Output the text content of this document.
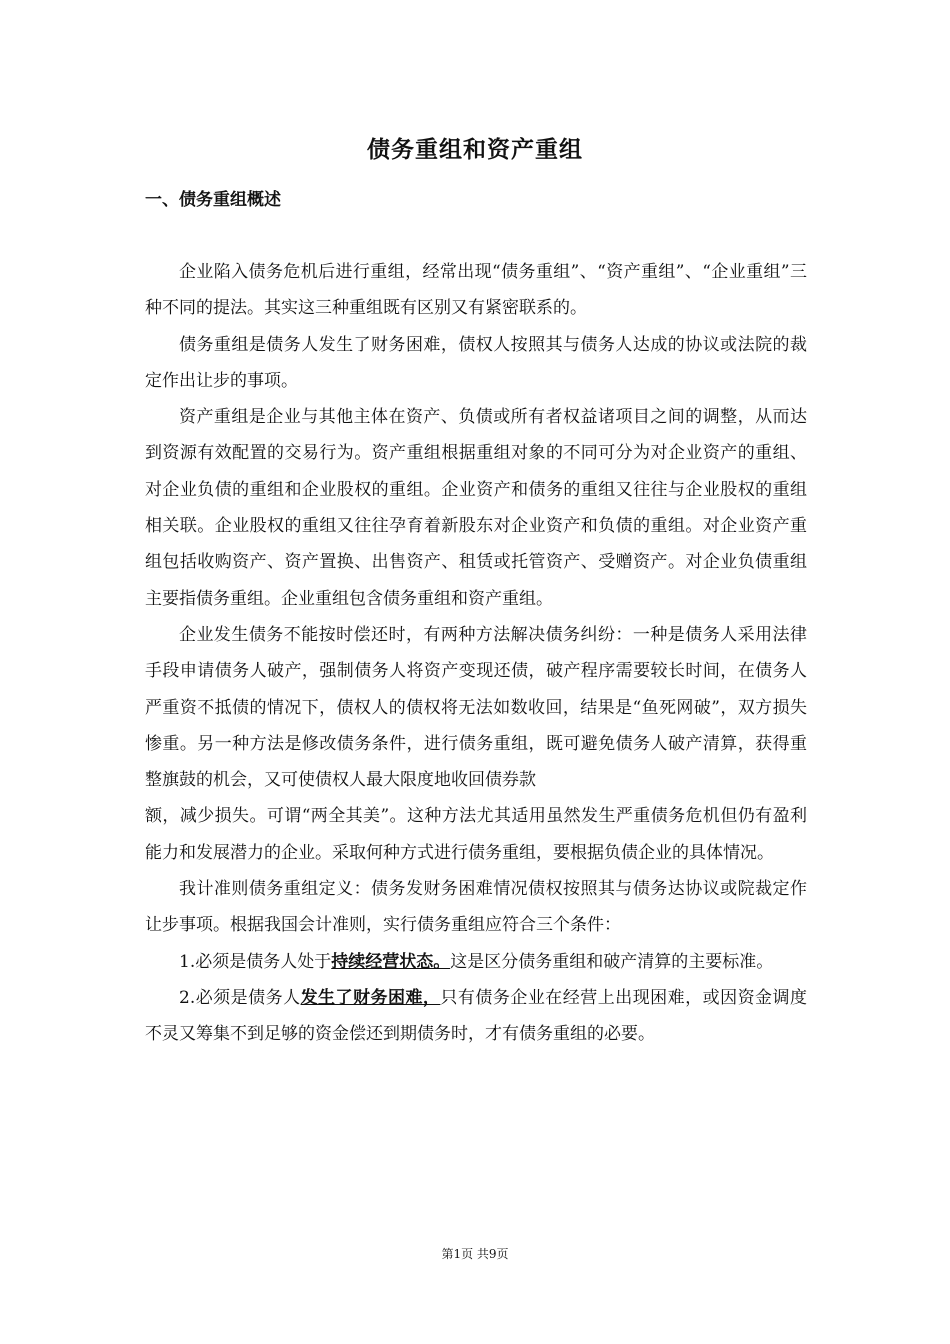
债务重组和资产重组
一、债务重组概述

企业陷入债务危机后进行重组，经常出现“债务重组”、“资产重组”、“企业重组”三种不同的提法。其实这三种重组既有区别又有紧密联系的。

债务重组是债务人发生了财务困难，债权人按照其与债务人达成的协议或法院的裁定作出让步的事项。

资产重组是企业与其他主体在资产、负债或所有者权益诸项目之间的调整，从而达到资源有效配置的交易行为。资产重组根据重组对象的不同可分为对企业资产的重组、对企业负债的重组和企业股权的重组。企业资产和债务的重组又往往与企业股权的重组相关联。企业股权的重组又往往孕育着新股东对企业资产和负债的重组。对企业资产重组包括收购资产、资产置换、出售资产、租赁或托管资产、受赠资产。对企业负债重组主要指债务重组。企业重组包含债务重组和资产重组。

企业发生债务不能按时偿还时，有两种方法解决债务纠纷：一种是债务人采用法律手段申请债务人破产，强制债务人将资产变现还债，破产程序需要较长时间，在债务人严重资不抵债的情况下，债权人的债权将无法如数收回，结果是“鱼死网破”，双方损失惨重。另一种方法是修改债务条件，进行债务重组，既可避免债务人破产清算，获得重整旗鼓的机会，又可使债权人最大限度地收回债券款

额，减少损失。可谓“两全其美”。这种方法尤其适用虽然发生严重债务危机但仍有盈利能力和发展潜力的企业。采取何种方式进行债务重组，要根据负债企业的具体情况。

我计准则债务重组定义：债务发财务困难情况债权按照其与债务达协议或院裁定作让步事项。根据我国会计准则，实行债务重组应符合三个条件：

1.必须是债务人处于持续经营状态。这是区分债务重组和破产清算的主要标准。

2.必须是债务人发生了财务困难，只有债务企业在经营上出现困难，或因资金调度不灵又筹集不到足够的资金偿还到期债务时，才有债务重组的必要。

第1页 共9页
